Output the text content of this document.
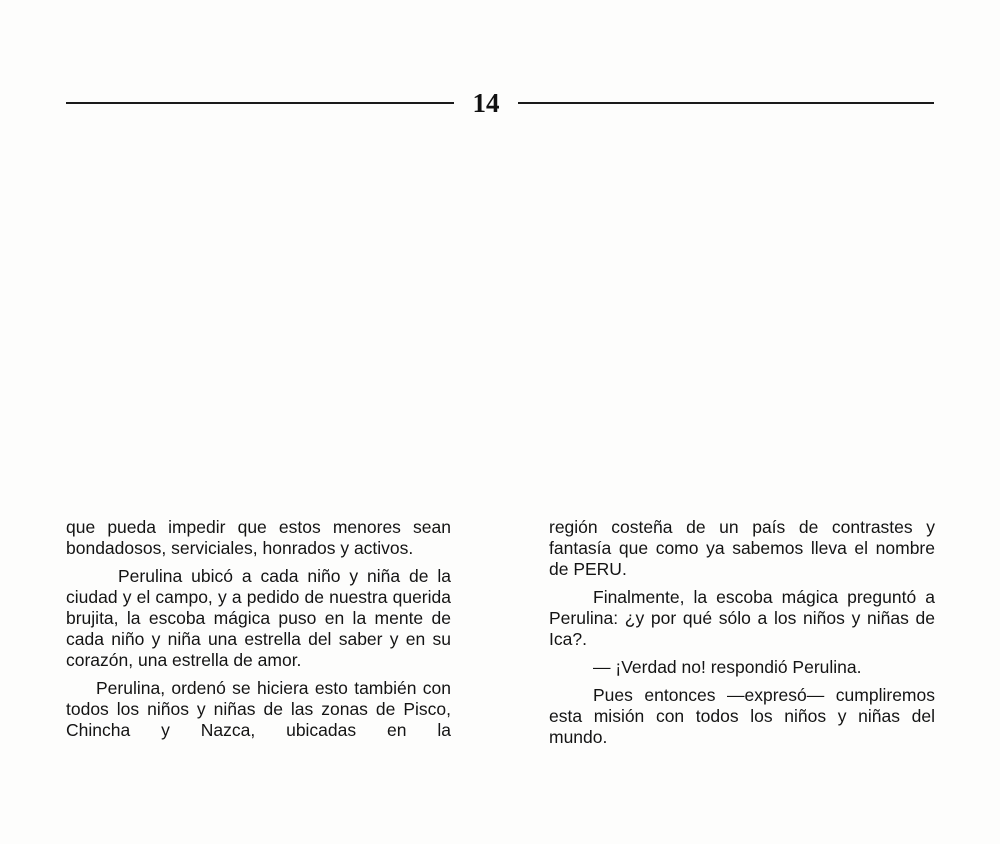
14

que pueda impedir que estos menores sean bondadosos, serviciales, honrados y activos.

Perulina ubicó a cada niño y niña de la ciudad y el campo, y a pedido de nuestra querida brujita, la escoba mágica puso en la mente de cada niño y niña una estrella del saber y en su corazón, una estrella de amor.

Perulina, ordenó se hiciera esto también con todos los niños y niñas de las zonas de Pisco, Chincha y Nazca, ubicadas en la

región costeña de un país de contrastes y fantasía que como ya sabemos lleva el nombre de PERU.

Finalmente, la escoba mágica preguntó a Perulina: ¿y por qué sólo a los niños y niñas de Ica?.

— ¡Verdad no! respondió Perulina.

Pues entonces —expresó— cumpliremos esta misión con todos los niños y niñas del mundo.
